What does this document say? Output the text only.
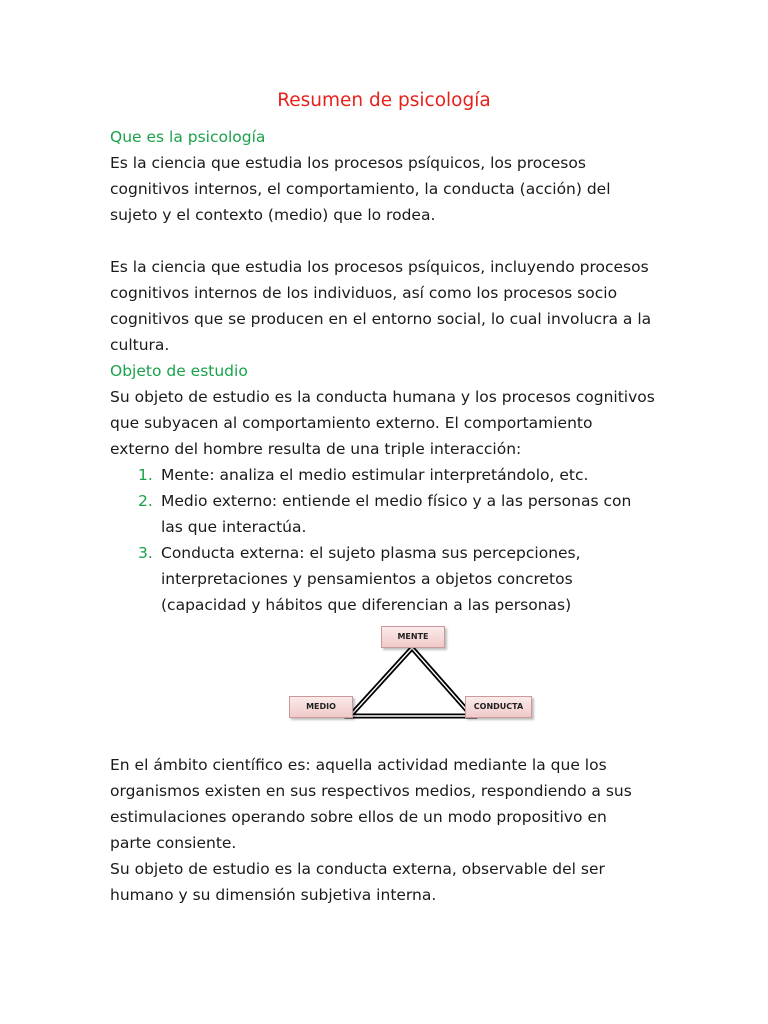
Resumen de psicología

Que es la psicología

Es la ciencia que estudia los procesos psíquicos, los procesos

cognitivos internos, el comportamiento, la conducta (acción) del

sujeto y el contexto (medio) que lo rodea.

Es la ciencia que estudia los procesos psíquicos, incluyendo procesos

cognitivos internos de los individuos, así como los procesos socio

cognitivos que se producen en el entorno social, lo cual involucra a la

cultura.

Objeto de estudio

Su objeto de estudio es la conducta humana y los procesos cognitivos

que subyacen al comportamiento externo. El comportamiento

externo del hombre resulta de una triple interacción:

1. Mente: analiza el medio estimular interpretándolo, etc.

2. Medio externo: entiende el medio físico y a las personas con

las que interactúa.

3. Conducta externa: el sujeto plasma sus percepciones,

interpretaciones y pensamientos a objetos concretos

(capacidad y hábitos que diferencian a las personas)

MENTE
MEDIO	CONDUCTA

En el ámbito científico es: aquella actividad mediante la que los

organismos existen en sus respectivos medios, respondiendo a sus

estimulaciones operando sobre ellos de un modo propositivo en

parte consiente.

Su objeto de estudio es la conducta externa, observable del ser

humano y su dimensión subjetiva interna.
